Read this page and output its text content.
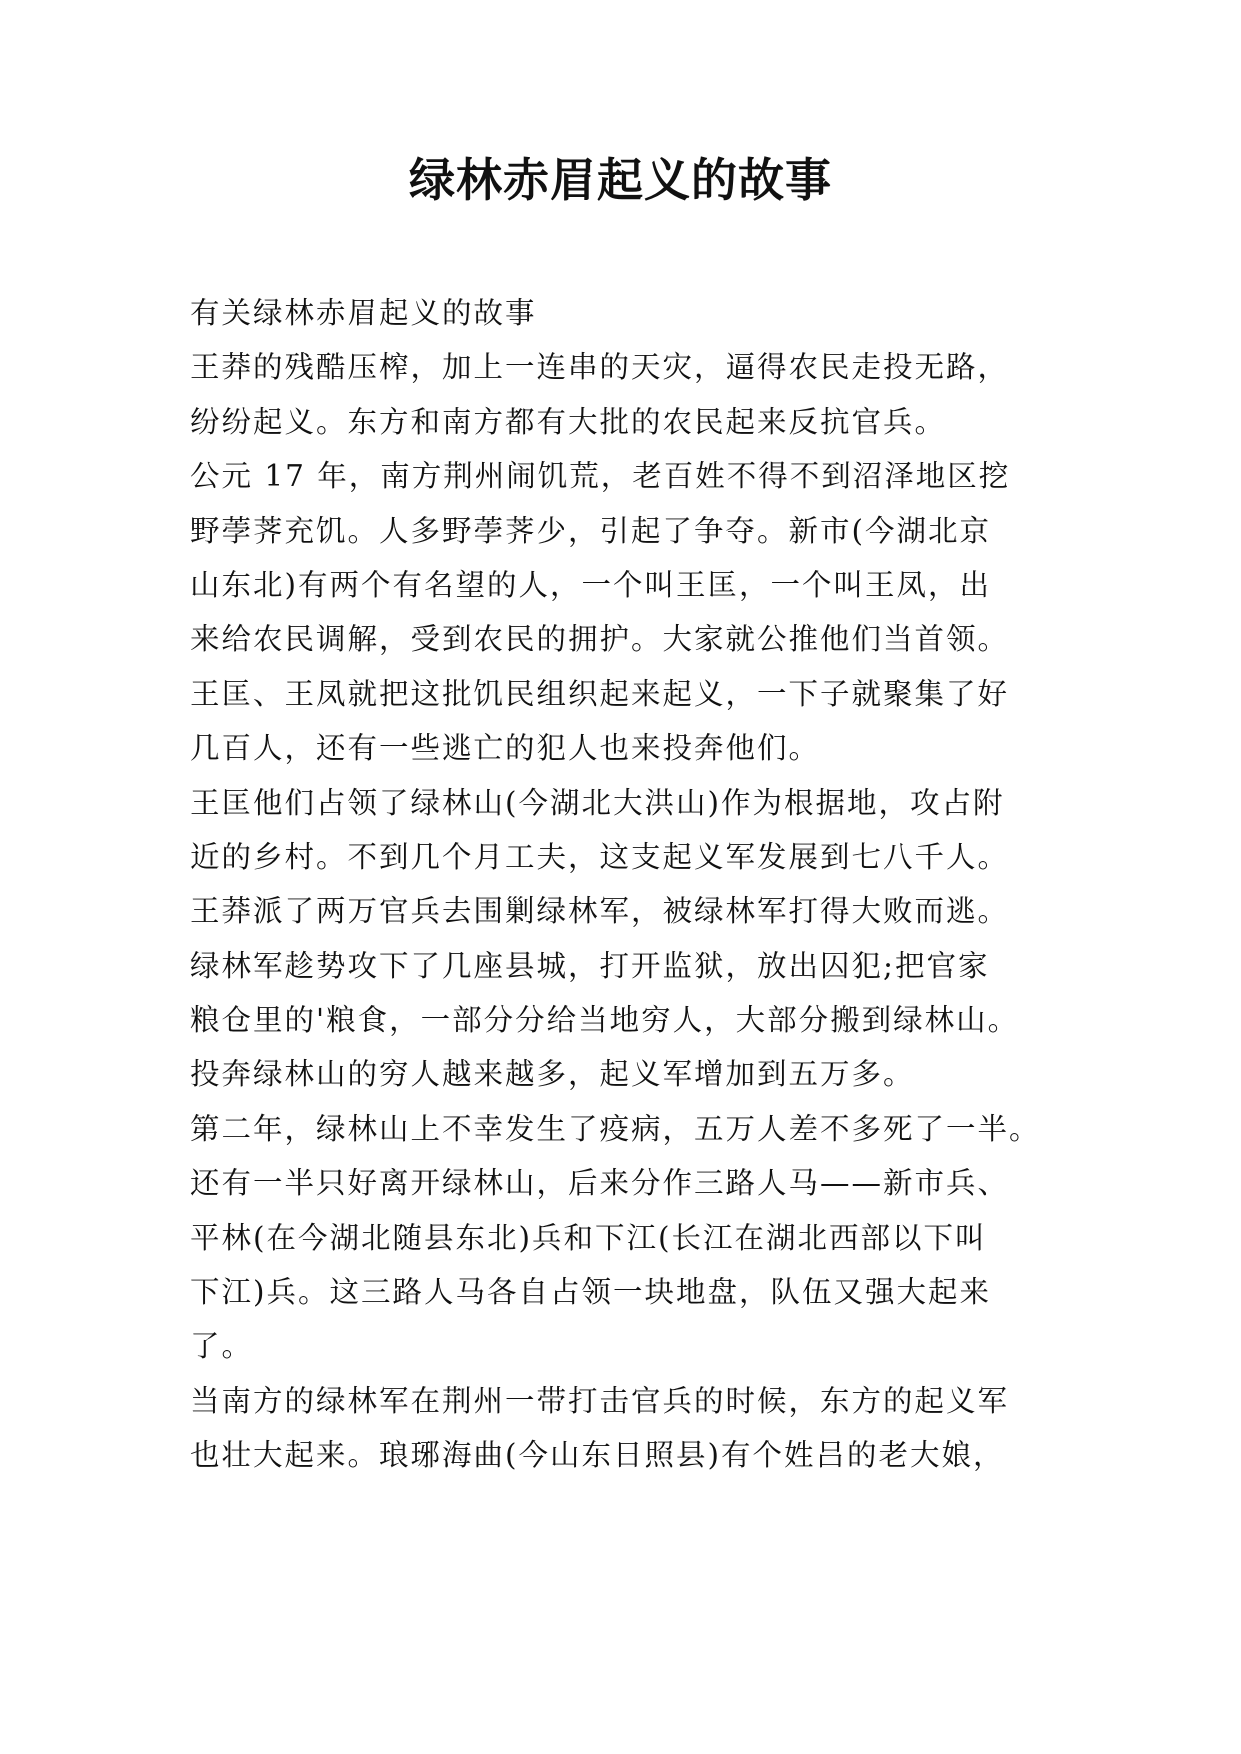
绿林赤眉起义的故事
有关绿林赤眉起义的故事
王莽的残酷压榨，加上一连串的天灾，逼得农民走投无路，
纷纷起义。东方和南方都有大批的农民起来反抗官兵。
公元 17 年，南方荆州闹饥荒，老百姓不得不到沼泽地区挖
野荸荠充饥。人多野荸荠少，引起了争夺。新市(今湖北京
山东北)有两个有名望的人，一个叫王匡，一个叫王凤，出
来给农民调解，受到农民的拥护。大家就公推他们当首领。
王匡、王凤就把这批饥民组织起来起义，一下子就聚集了好
几百人，还有一些逃亡的犯人也来投奔他们。
王匡他们占领了绿林山(今湖北大洪山)作为根据地，攻占附
近的乡村。不到几个月工夫，这支起义军发展到七八千人。
王莽派了两万官兵去围剿绿林军，被绿林军打得大败而逃。
绿林军趁势攻下了几座县城，打开监狱，放出囚犯;把官家
粮仓里的'粮食，一部分分给当地穷人，大部分搬到绿林山。
投奔绿林山的穷人越来越多，起义军增加到五万多。
第二年，绿林山上不幸发生了疫病，五万人差不多死了一半。
还有一半只好离开绿林山，后来分作三路人马——新市兵、
平林(在今湖北随县东北)兵和下江(长江在湖北西部以下叫
下江)兵。这三路人马各自占领一块地盘，队伍又强大起来
了。
当南方的绿林军在荆州一带打击官兵的时候，东方的起义军
也壮大起来。琅琊海曲(今山东日照县)有个姓吕的老大娘，
